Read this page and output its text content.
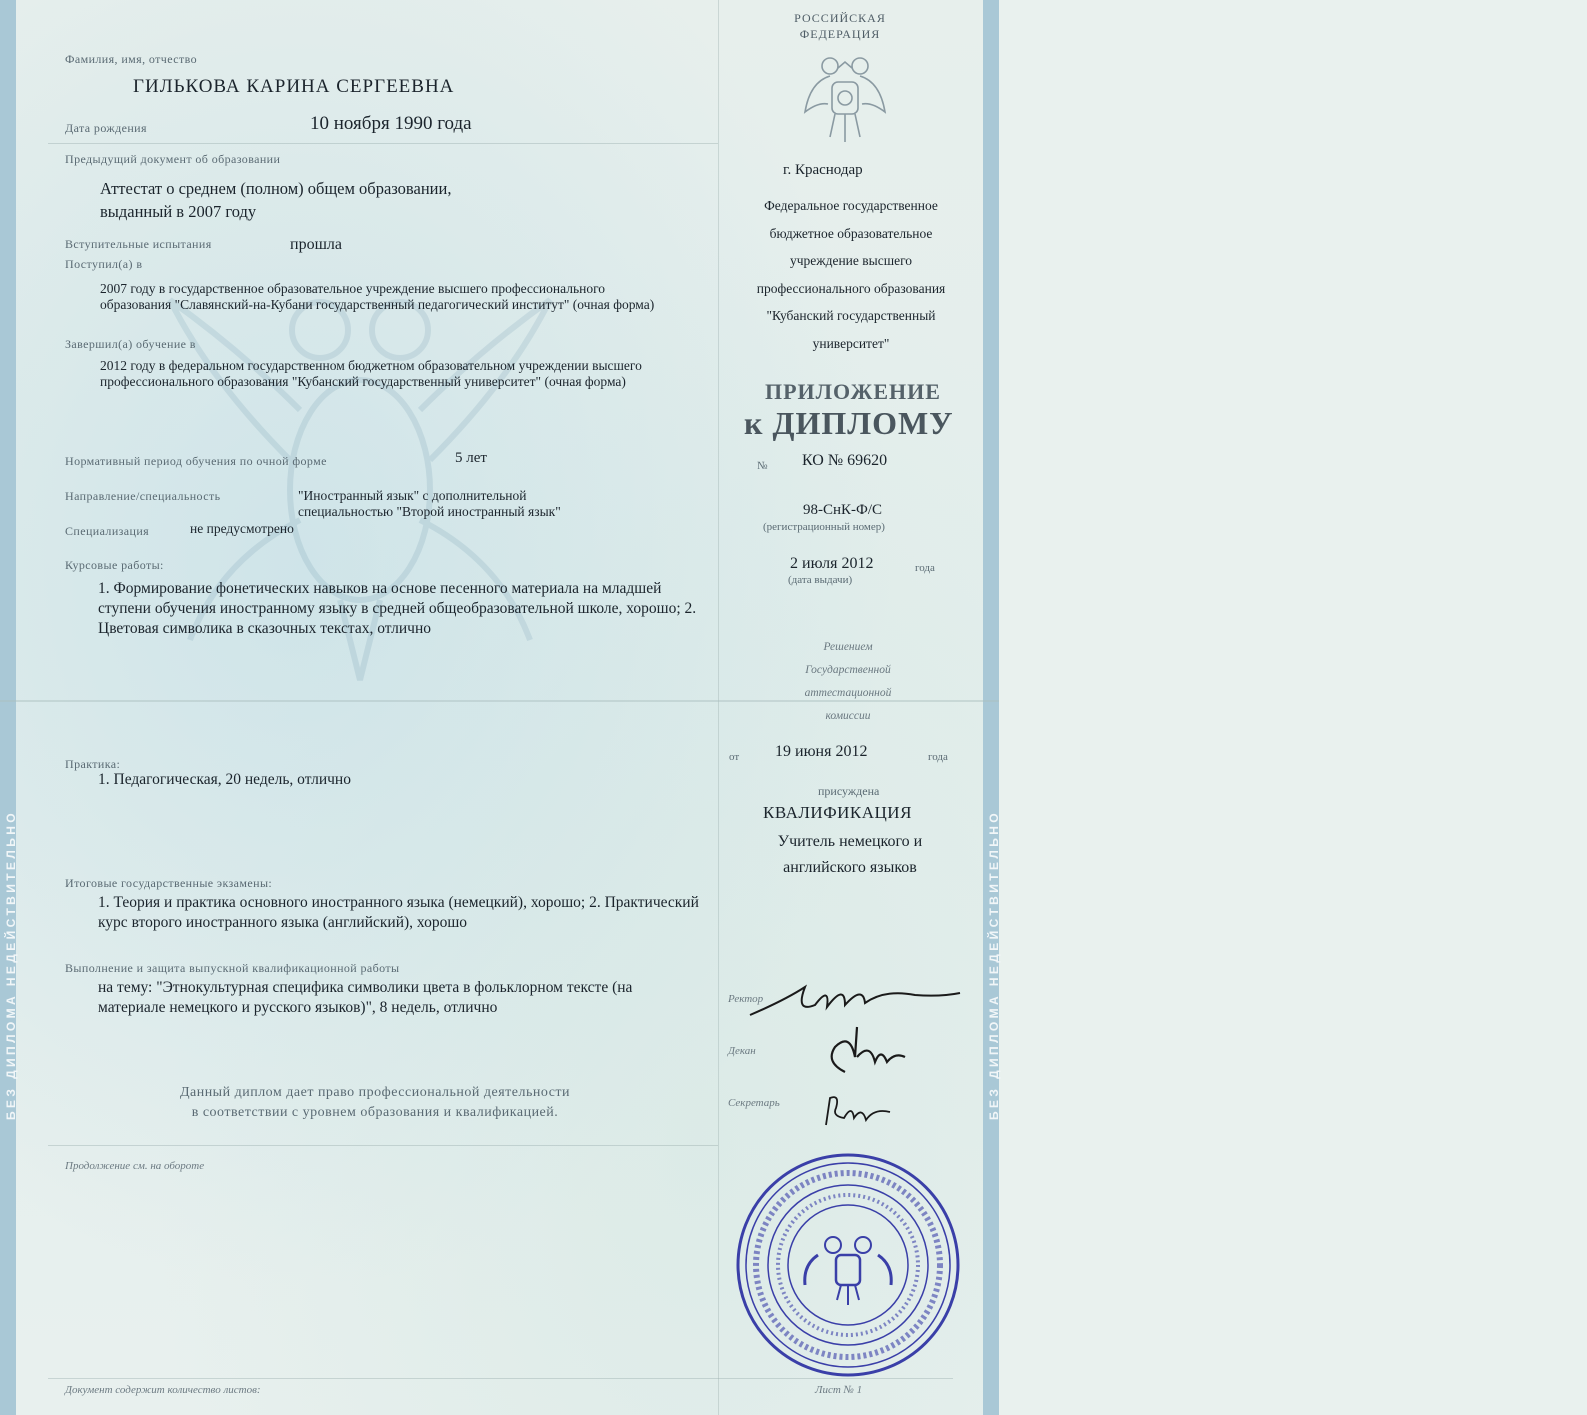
БЕЗ ДИПЛОМА НЕДЕЙСТВИТЕЛЬНО	БЕЗ ДИПЛОМА НЕДЕЙСТВИТЕЛЬНО
РОССИЙСКАЯ
ФЕДЕРАЦИЯ
Фамилия, имя, отчество
ГИЛЬКОВА КАРИНА СЕРГЕЕВНА
Дата рождения	10 ноября 1990 года
Предыдущий документ об образовании
Аттестат о среднем (полном) общем образовании,
выданный в 2007 году
Вступительные испытания	прошла
Поступил(а) в
2007 году в государственное образовательное учреждение высшего профессионального образования "Славянский-на-Кубани государственный педагогический институт" (очная форма)
Завершил(а) обучение в
2012 году в федеральном государственном бюджетном образовательном учреждении высшего профессионального образования "Кубанский государственный университет" (очная форма)
Нормативный период обучения по очной форме	5 лет
Направление/специальность	"Иностранный язык" с дополнительной
специальностью "Второй иностранный язык"
Специализация	не предусмотрено
Курсовые работы:
1. Формирование фонетических навыков на основе песенного материала на младшей ступени обучения иностранному языку в средней общеобразовательной школе, хорошо; 2. Цветовая символика в сказочных текстах, отлично
Практика:
1. Педагогическая, 20 недель, отлично
Итоговые государственные экзамены:
1. Теория и практика основного иностранного языка (немецкий), хорошо; 2. Практический курс второго иностранного языка (английский), хорошо
Выполнение и защита выпускной квалификационной работы
на тему: "Этнокультурная специфика символики цвета в фольклорном тексте (на материале немецкого и русского языков)", 8 недель, отлично
Данный диплом дает право профессиональной деятельности
в соответствии с уровнем образования и квалификацией.
Продолжение см. на обороте
Документ содержит количество листов:	Лист № 1
г. Краснодар
Федеральное государственное
бюджетное образовательное
учреждение высшего
профессионального образования
"Кубанский государственный
университет"
ПРИЛОЖЕНИЕ
к ДИПЛОМУ
№ КО № 69620
98-СнК-Ф/С
(регистрационный номер)
2 июля 2012
(дата выдачи)
года
Решением
Государственной
аттестационной
комиссии
от 19 июня 2012	года
присуждена
КВАЛИФИКАЦИЯ
Учитель немецкого и
английского языков
Ректор
Декан
Секретарь
